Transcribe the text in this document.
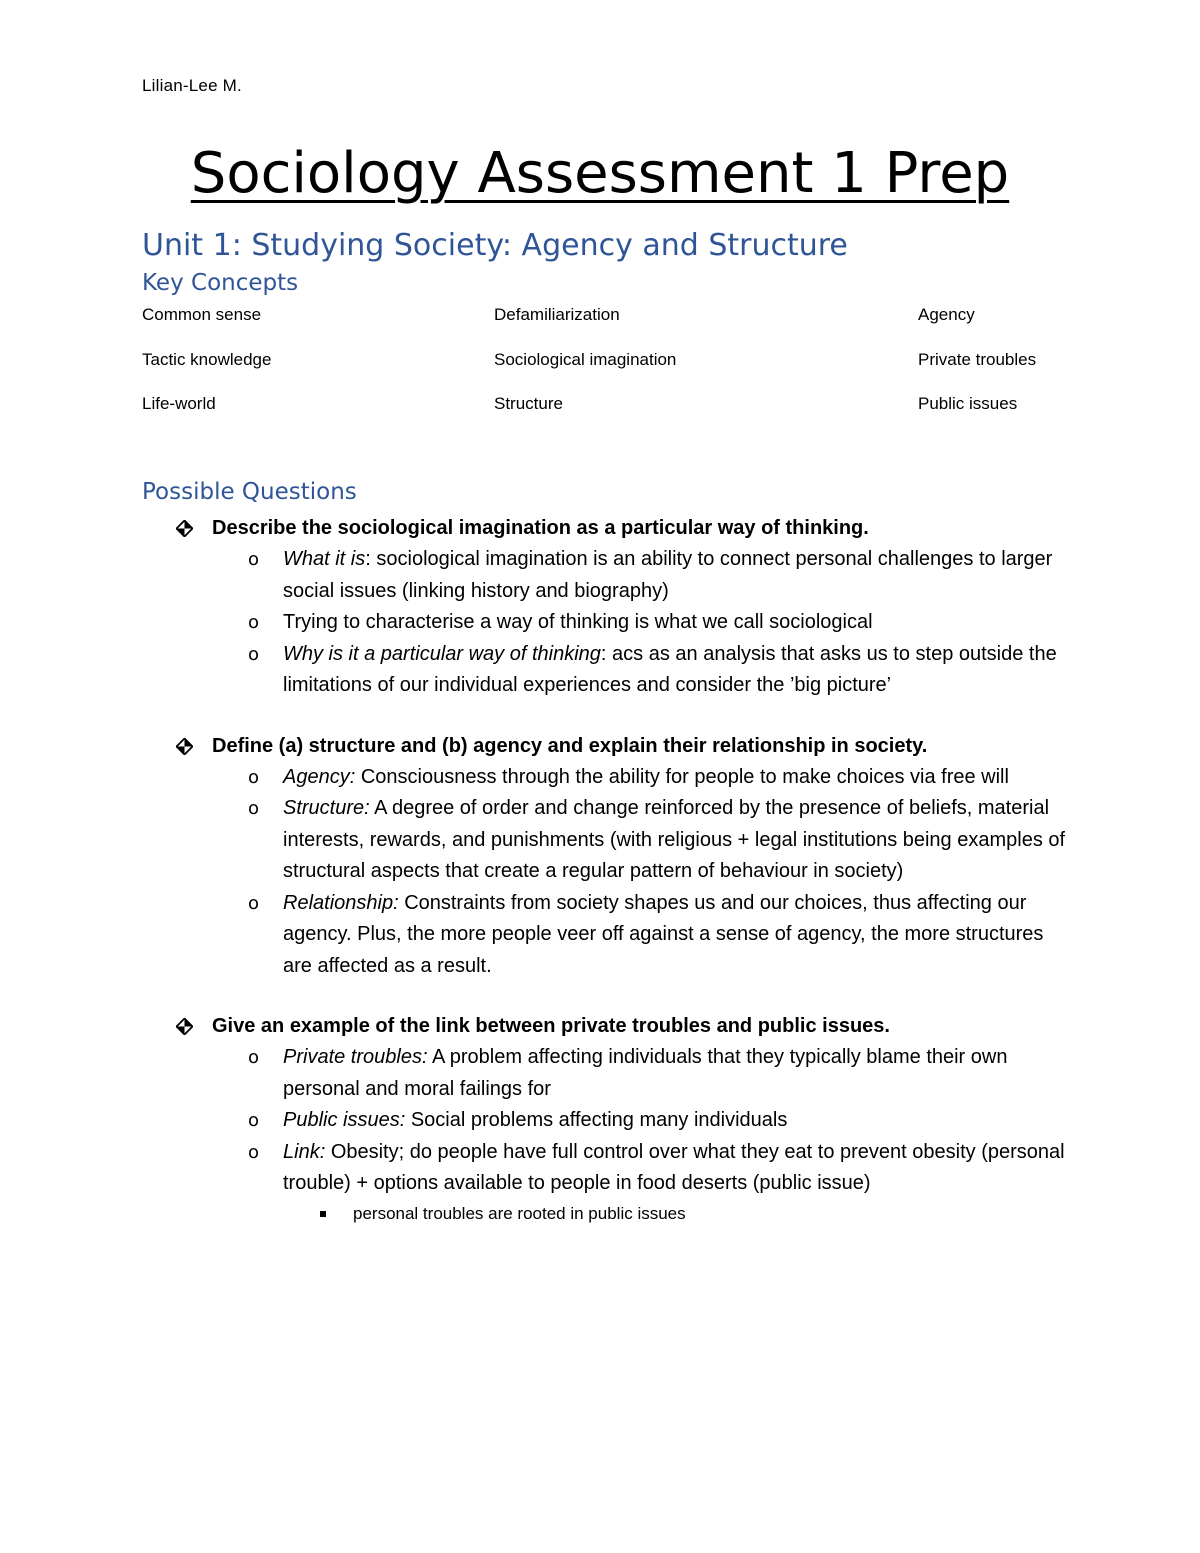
Lilian-Lee M.
Sociology Assessment 1 Prep
Unit 1: Studying Society: Agency and Structure
Key Concepts
Common sense	Defamiliarization	Agency
Tactic knowledge	Sociological imagination	Private troubles
Life-world	Structure	Public issues
Possible Questions
Describe the sociological imagination as a particular way of thinking.
o What it is: sociological imagination is an ability to connect personal challenges to larger social issues (linking history and biography)
o Trying to characterise a way of thinking is what we call sociological
o Why is it a particular way of thinking: acs as an analysis that asks us to step outside the limitations of our individual experiences and consider the ’big picture’
Define (a) structure and (b) agency and explain their relationship in society.
o Agency: Consciousness through the ability for people to make choices via free will
o Structure: A degree of order and change reinforced by the presence of beliefs, material interests, rewards, and punishments (with religious + legal institutions being examples of structural aspects that create a regular pattern of behaviour in society)
o Relationship: Constraints from society shapes us and our choices, thus affecting our agency. Plus, the more people veer off against a sense of agency, the more structures are affected as a result.
Give an example of the link between private troubles and public issues.
o Private troubles: A problem affecting individuals that they typically blame their own personal and moral failings for
o Public issues: Social problems affecting many individuals
o Link: Obesity; do people have full control over what they eat to prevent obesity (personal trouble) + options available to people in food deserts (public issue)
personal troubles are rooted in public issues
